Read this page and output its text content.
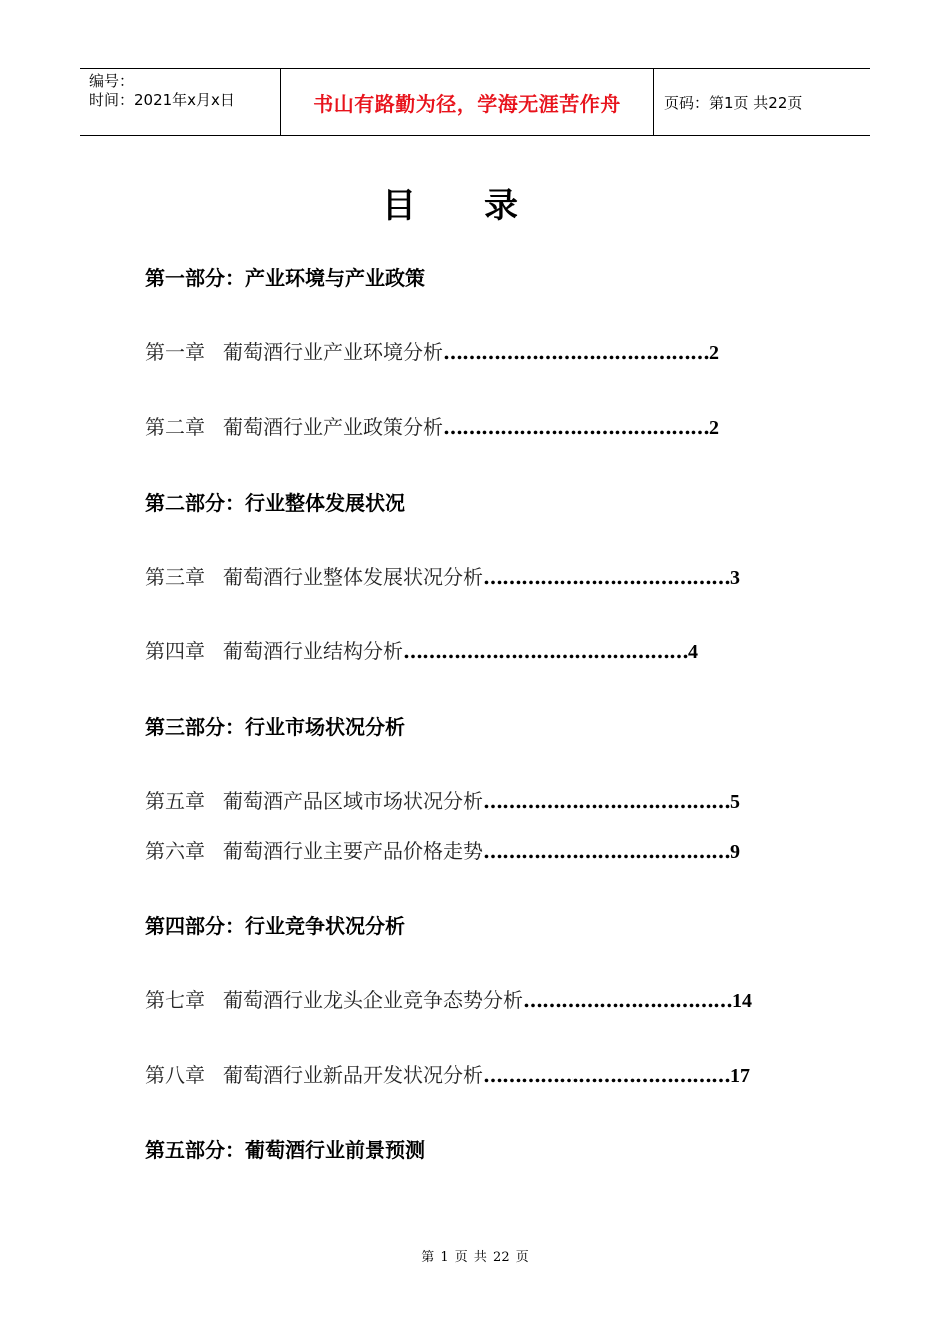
编号：
时间：2021年x月x日	书山有路勤为径，学海无涯苦作舟	页码：第1页 共22页
目　　录
第一部分：产业环境与产业政策
第一章 葡萄酒行业产业环境分析 …………………………………… 2
第二章 葡萄酒行业产业政策分析 …………………………………… 2
第二部分：行业整体发展状况
第三章 葡萄酒行业整体发展状况分析 ………………………………… 3
第四章 葡萄酒行业结构分析 ……………………………………… 4
第三部分：行业市场状况分析
第五章 葡萄酒产品区域市场状况分析 ………………………………… 5
第六章 葡萄酒行业主要产品价格走势 ………………………………… 9
第四部分：行业竞争状况分析
第七章 葡萄酒行业龙头企业竞争态势分析 …………………………… 14
第八章 葡萄酒行业新品开发状况分析 ………………………………… 17
第五部分：葡萄酒行业前景预测
第 1 页 共 22 页
